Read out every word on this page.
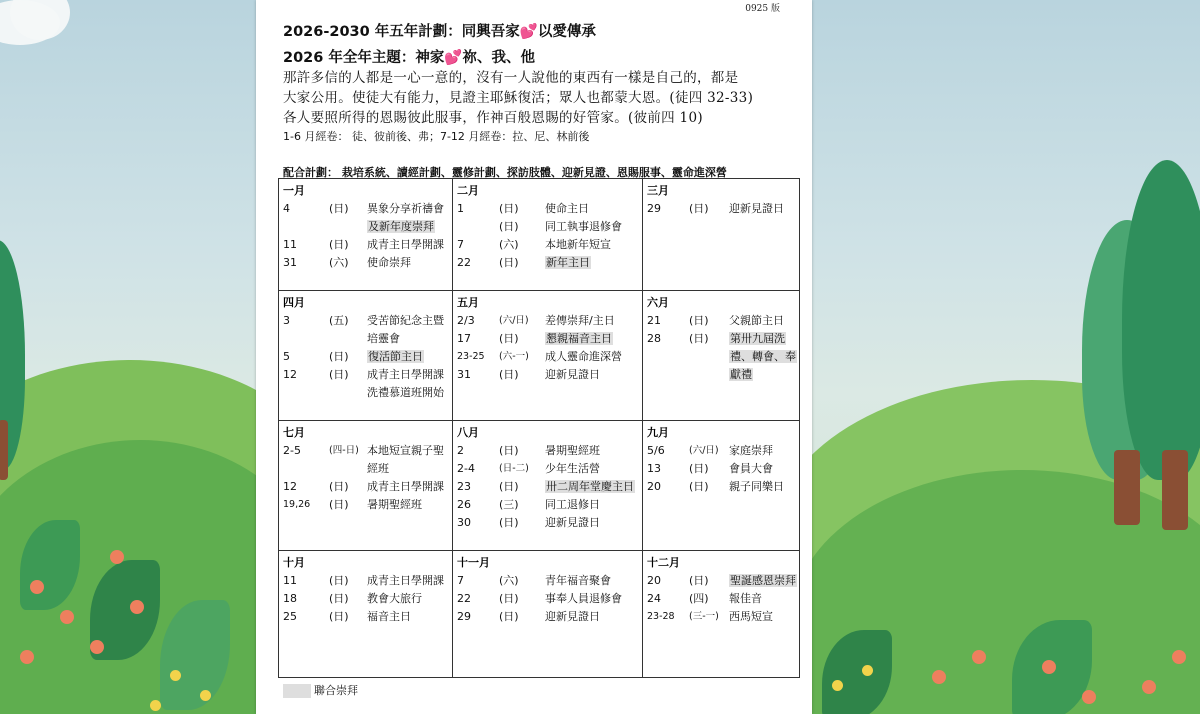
0925 版
2026-2030 年五年計劃：同興吾家💕以愛傳承
2026 年全年主題：神家💕祢、我、他
那許多信的人都是一心一意的，沒有一人說他的東西有一樣是自己的，都是
大家公用。使徒大有能力，見證主耶穌復活；眾人也都蒙大恩。(徒四 32-33)
各人要照所得的恩賜彼此服事，作神百般恩賜的好管家。(彼前四 10)
1-6 月經卷： 徒、彼前後、弗；7-12 月經卷：拉、尼、林前後
配合計劃： 栽培系統、讀經計劃、靈修計劃、探訪肢體、迎新見證、恩賜服事、靈命進深營
一月
4	(日) 異象分享祈禱會
及新年度崇拜
11	(日) 成青主日學開課
31	(六) 使命崇拜
二月
1	(日) 使命主日
(日) 同工執事退修會
7	(六) 本地新年短宣
22	(日) 新年主日
三月
29	(日) 迎新見證日
四月
3	(五) 受苦節紀念主暨
培靈會
5	(日) 復活節主日
12	(日) 成青主日學開課
洗禮慕道班開始
五月
2/3	(六/日) 差傳崇拜/主日
17	(日) 懇親福音主日
23-25 (六-一) 成人靈命進深營
31	(日) 迎新見證日
六月
21	(日) 父親節主日
28	(日) 第卅九屆洗
禮、轉會、奉
獻禮
七月
2-5	(四-日) 本地短宣親子聖
經班
12	(日) 成青主日學開課
19,26 (日) 暑期聖經班
八月
2	(日) 暑期聖經班
2-4	(日-二) 少年生活營
23	(日) 卅二周年堂慶主日
26	(三) 同工退修日
30	(日) 迎新見證日
九月
5/6	(六/日) 家庭崇拜
13	(日) 會員大會
20	(日) 親子同樂日
十月
11	(日) 成青主日學開課
18	(日) 教會大旅行
25	(日) 福音主日
十一月
7	(六) 青年福音聚會
22	(日) 事奉人員退修會
29	(日) 迎新見證日
十二月
20	(日) 聖誕感恩崇拜
24	(四) 報佳音
23-28 (三-一) 西馬短宣
聯合崇拜
